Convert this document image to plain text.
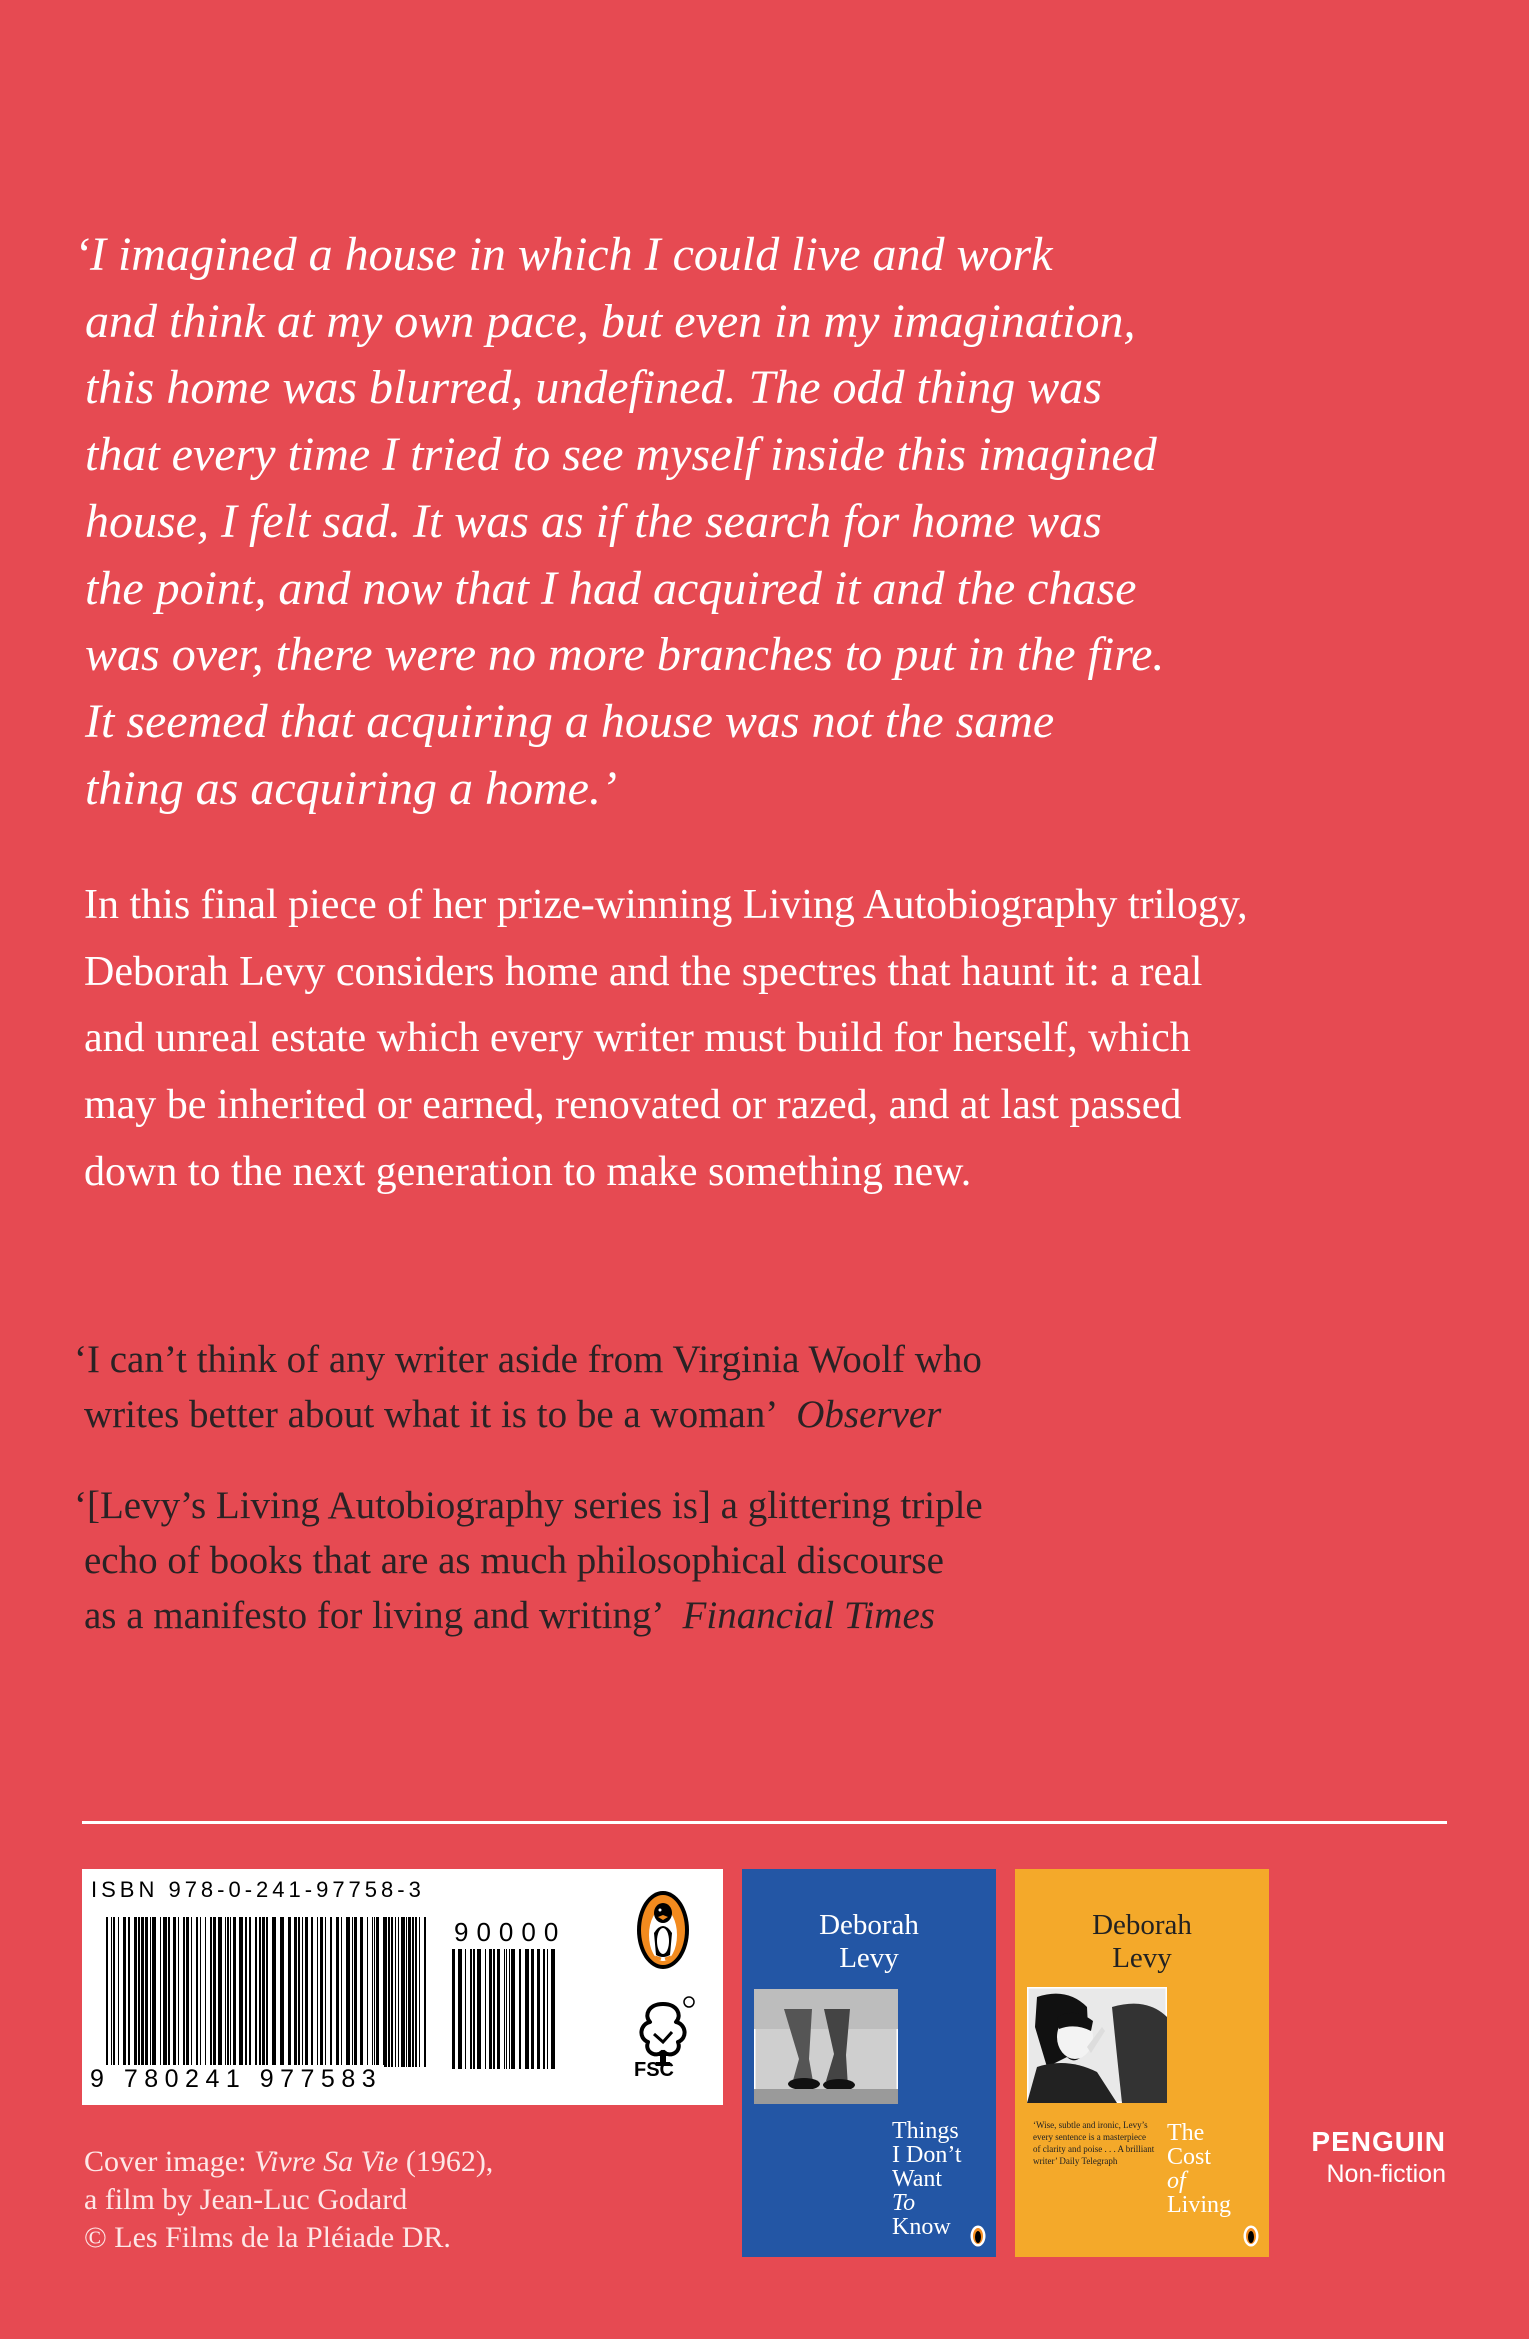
‘I imagined a house in which I could live and work
and think at my own pace, but even in my imagination,
this home was blurred, undefined. The odd thing was
that every time I tried to see myself inside this imagined
house, I felt sad. It was as if the search for home was
the point, and now that I had acquired it and the chase
was over, there were no more branches to put in the fire.
It seemed that acquiring a house was not the same
thing as acquiring a home.’
In this final piece of her prize-winning Living Autobiography trilogy,
Deborah Levy considers home and the spectres that haunt it: a real
and unreal estate which every writer must build for herself, which
may be inherited or earned, renovated or razed, and at last passed
down to the next generation to make something new.
‘I can’t think of any writer aside from Virginia Woolf who
writes better about what it is to be a woman’ Observer
‘[Levy’s Living Autobiography series is] a glittering triple
echo of books that are as much philosophical discourse
as a manifesto for living and writing’ Financial Times
ISBN 978-0-241-97758-3
90000
9 780241 977583	FSC
Deborah
Levy
Things
I Don’t
Want
To
Know
Deborah
Levy
‘Wise, subtle and ironic, Levy’s every sentence is a masterpiece of clarity and poise . . . A brilliant writer’ Daily Telegraph
The
Cost
of
Living
PENGUIN
Non-fiction
Cover image: Vivre Sa Vie (1962),
a film by Jean-Luc Godard
© Les Films de la Pléiade DR.
